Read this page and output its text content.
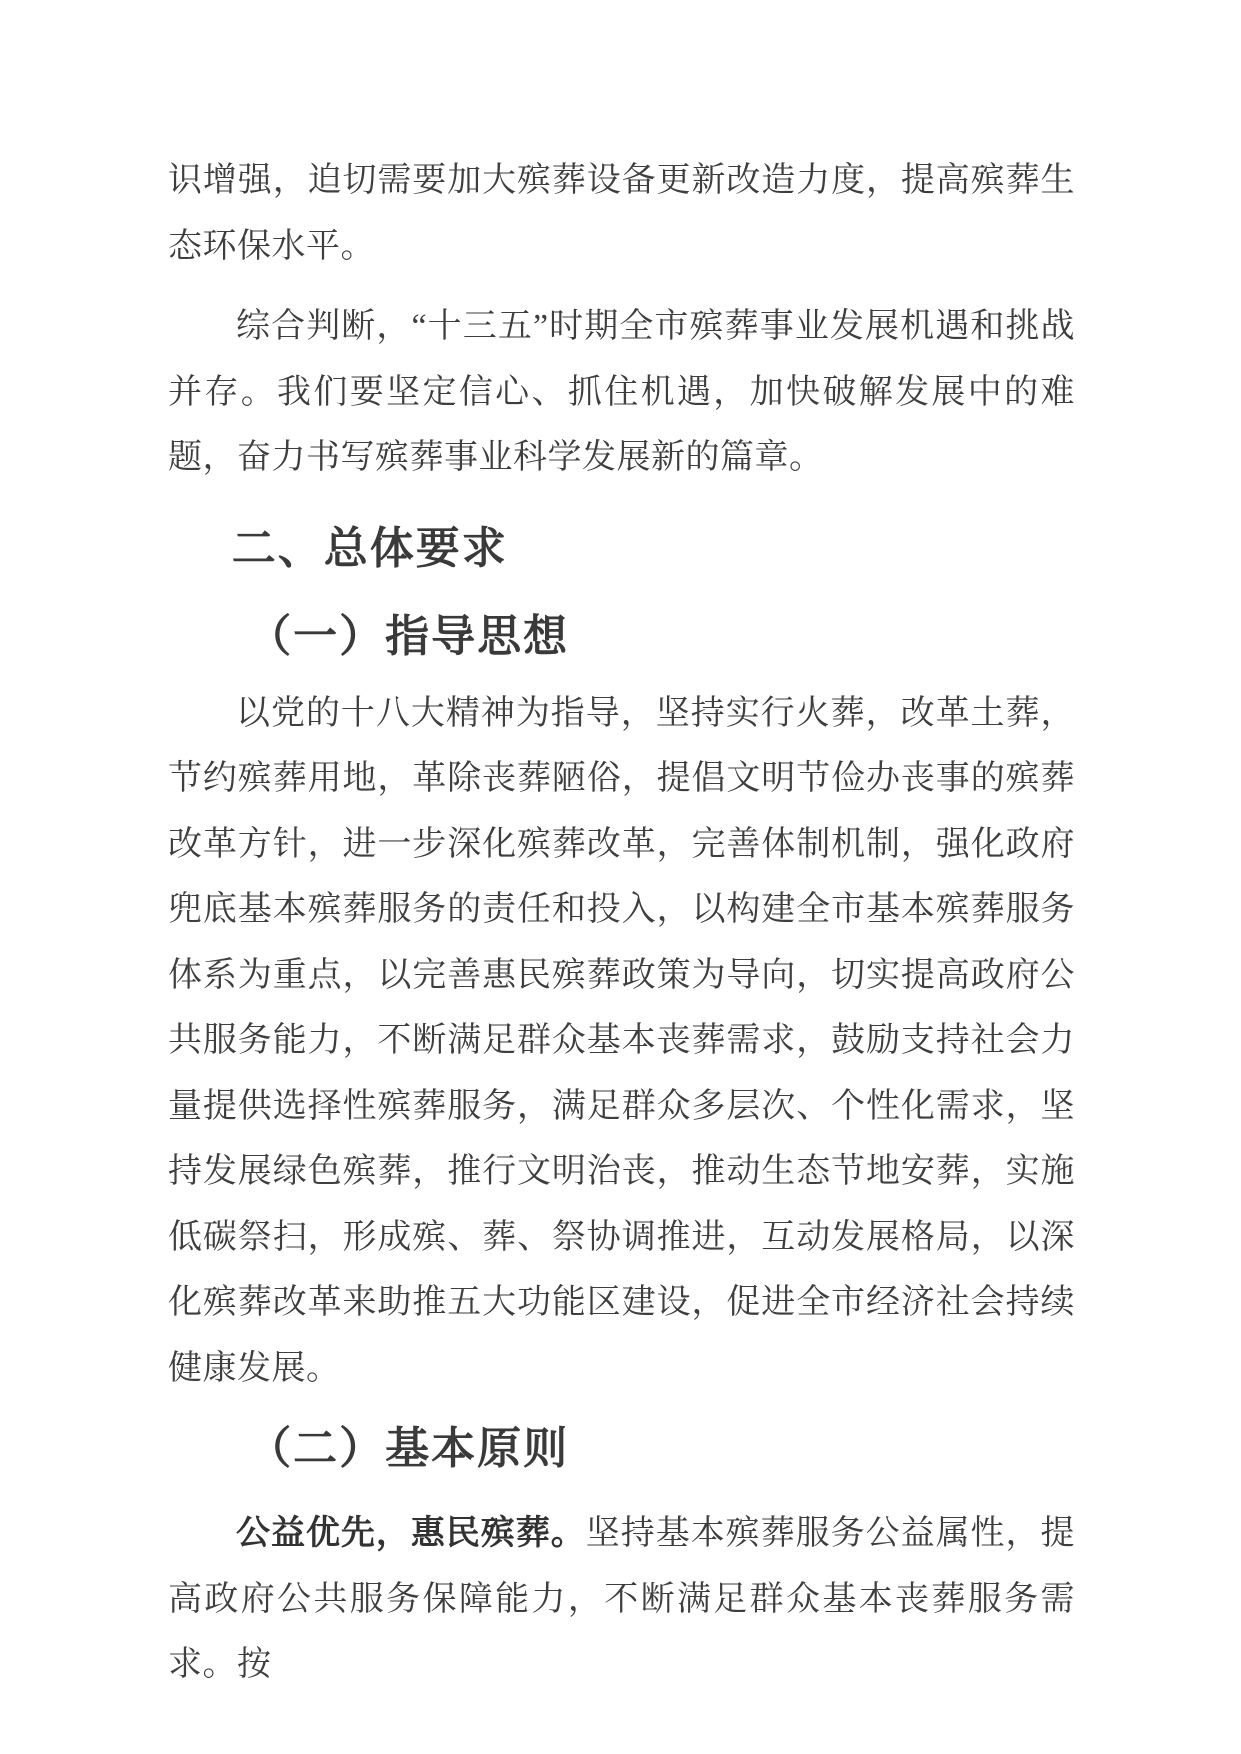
识增强，迫切需要加大殡葬设备更新改造力度，提高殡葬生态环保水平。

综合判断，“十三五”时期全市殡葬事业发展机遇和挑战并存。我们要坚定信心、抓住机遇，加快破解发展中的难题，奋力书写殡葬事业科学发展新的篇章。

二、总体要求
（一）指导思想

以党的十八大精神为指导，坚持实行火葬，改革土葬，节约殡葬用地，革除丧葬陋俗，提倡文明节俭办丧事的殡葬改革方针，进一步深化殡葬改革，完善体制机制，强化政府兜底基本殡葬服务的责任和投入，以构建全市基本殡葬服务体系为重点，以完善惠民殡葬政策为导向，切实提高政府公共服务能力，不断满足群众基本丧葬需求，鼓励支持社会力量提供选择性殡葬服务，满足群众多层次、个性化需求，坚持发展绿色殡葬，推行文明治丧，推动生态节地安葬，实施低碳祭扫，形成殡、葬、祭协调推进，互动发展格局，以深化殡葬改革来助推五大功能区建设，促进全市经济社会持续健康发展。

（二）基本原则

公益优先，惠民殡葬。坚持基本殡葬服务公益属性，提高政府公共服务保障能力，不断满足群众基本丧葬服务需求。按
